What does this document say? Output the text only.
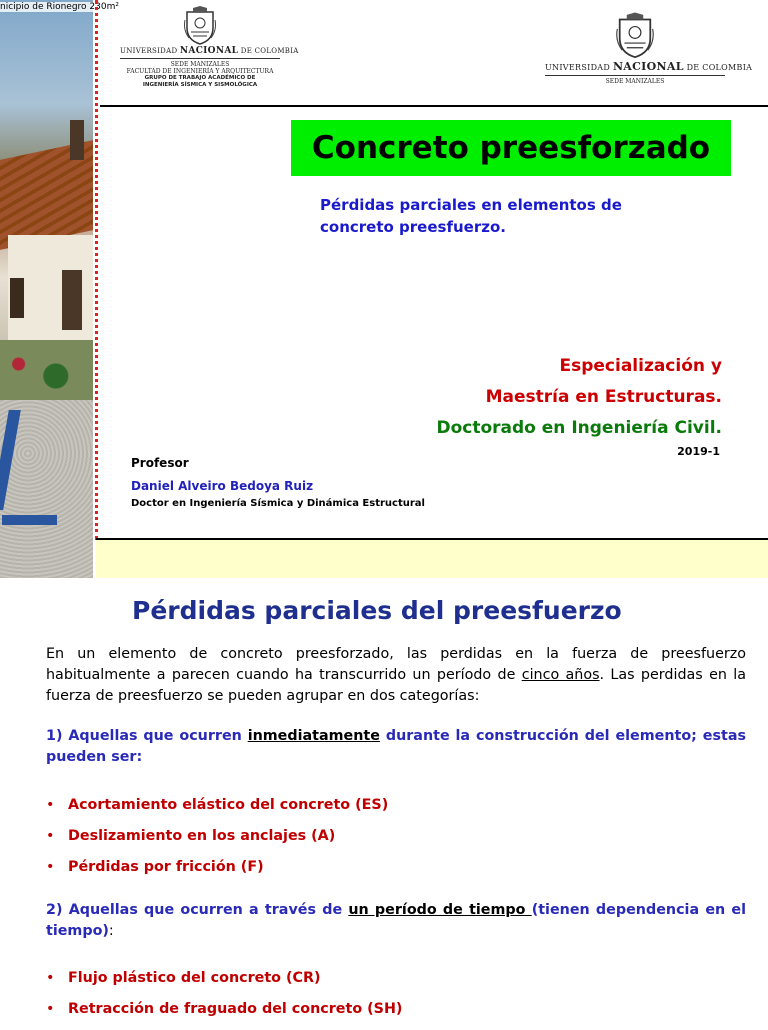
nicipio de Rionegro 230m²
UNIVERSIDAD NACIONAL DE COLOMBIA
SEDE MANIZALES
FACULTAD DE INGENIERÍA Y ARQUITECTURA
GRUPO DE TRABAJO ACADÉMICO DE
INGENIERÍA SÍSMICA Y SISMOLÓGICA
UNIVERSIDAD NACIONAL DE COLOMBIA
SEDE MANIZALES
Concreto preesforzado
Pérdidas parciales en elementos de concreto preesfuerzo.
Especialización y
Maestría en Estructuras.
Doctorado en Ingeniería Civil.
2019-1
Profesor
Daniel Alveiro Bedoya Ruiz
Doctor en Ingeniería Sísmica y Dinámica Estructural
Pérdidas parciales del preesfuerzo
En un elemento de concreto preesforzado, las perdidas en la fuerza de preesfuerzo habitualmente a parecen cuando ha transcurrido un período de cinco años. Las perdidas en la fuerza de preesfuerzo se pueden agrupar en dos categorías:
1) Aquellas que ocurren inmediatamente durante la construcción del elemento; estas pueden ser:
• Acortamiento elástico del concreto (ES)
• Deslizamiento en los anclajes (A)
• Pérdidas por fricción (F)
2) Aquellas que ocurren a través de un período de tiempo (tienen dependencia en el tiempo):
• Flujo plástico del concreto (CR)
• Retracción de fraguado del concreto (SH)
